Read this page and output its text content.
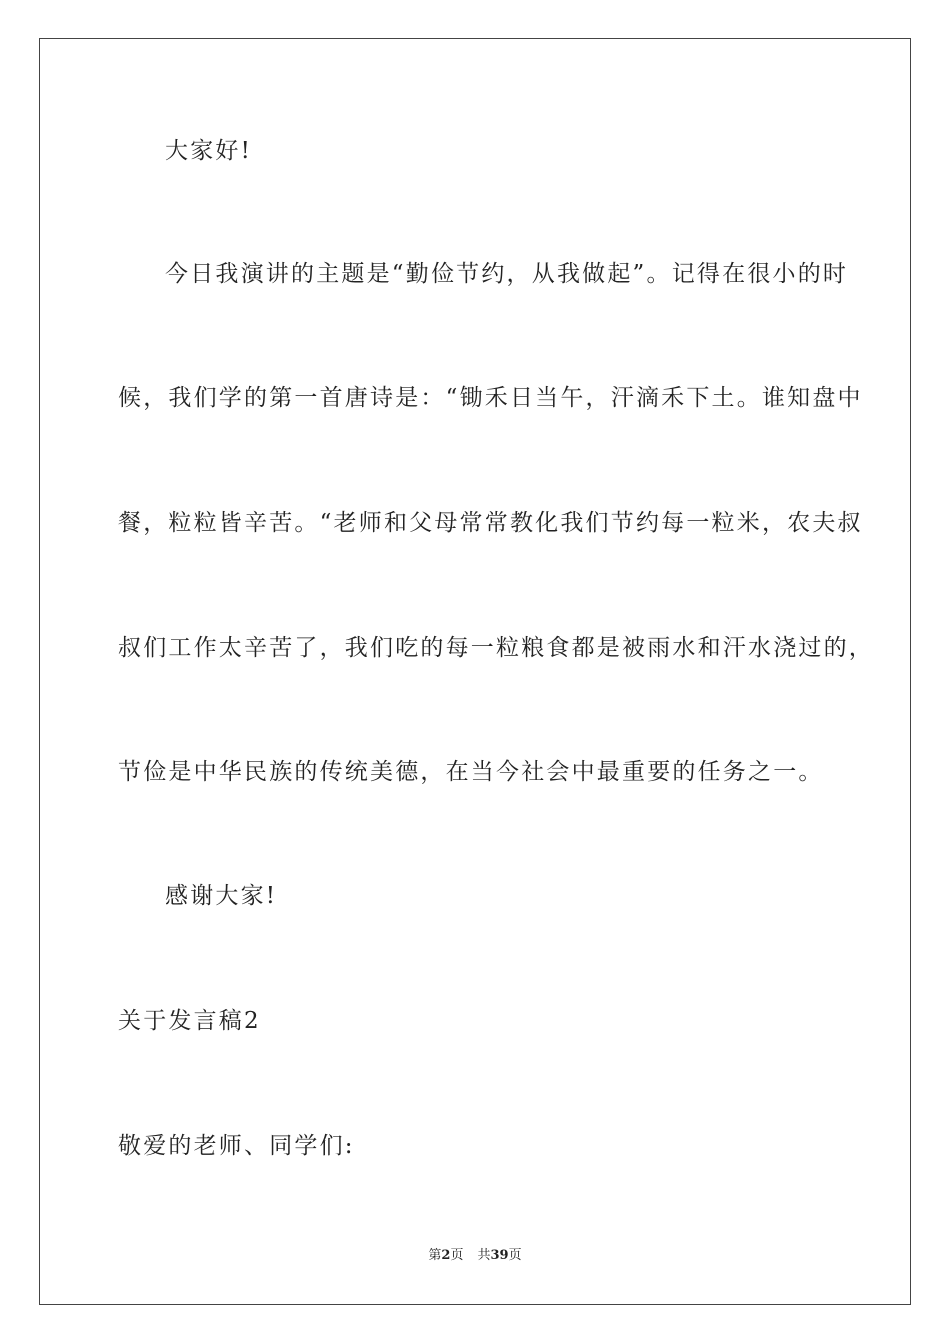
大家好!
今日我演讲的主题是“勤俭节约，从我做起”。记得在很小的时
候，我们学的第一首唐诗是：“锄禾日当午，汗滴禾下土。谁知盘中
餐，粒粒皆辛苦。“老师和父母常常教化我们节约每一粒米，农夫叔
叔们工作太辛苦了，我们吃的每一粒粮食都是被雨水和汗水浇过的，
节俭是中华民族的传统美德，在当今社会中最重要的任务之一。
感谢大家!
关于发言稿2
敬爱的老师、同学们:
第2页 共39页
